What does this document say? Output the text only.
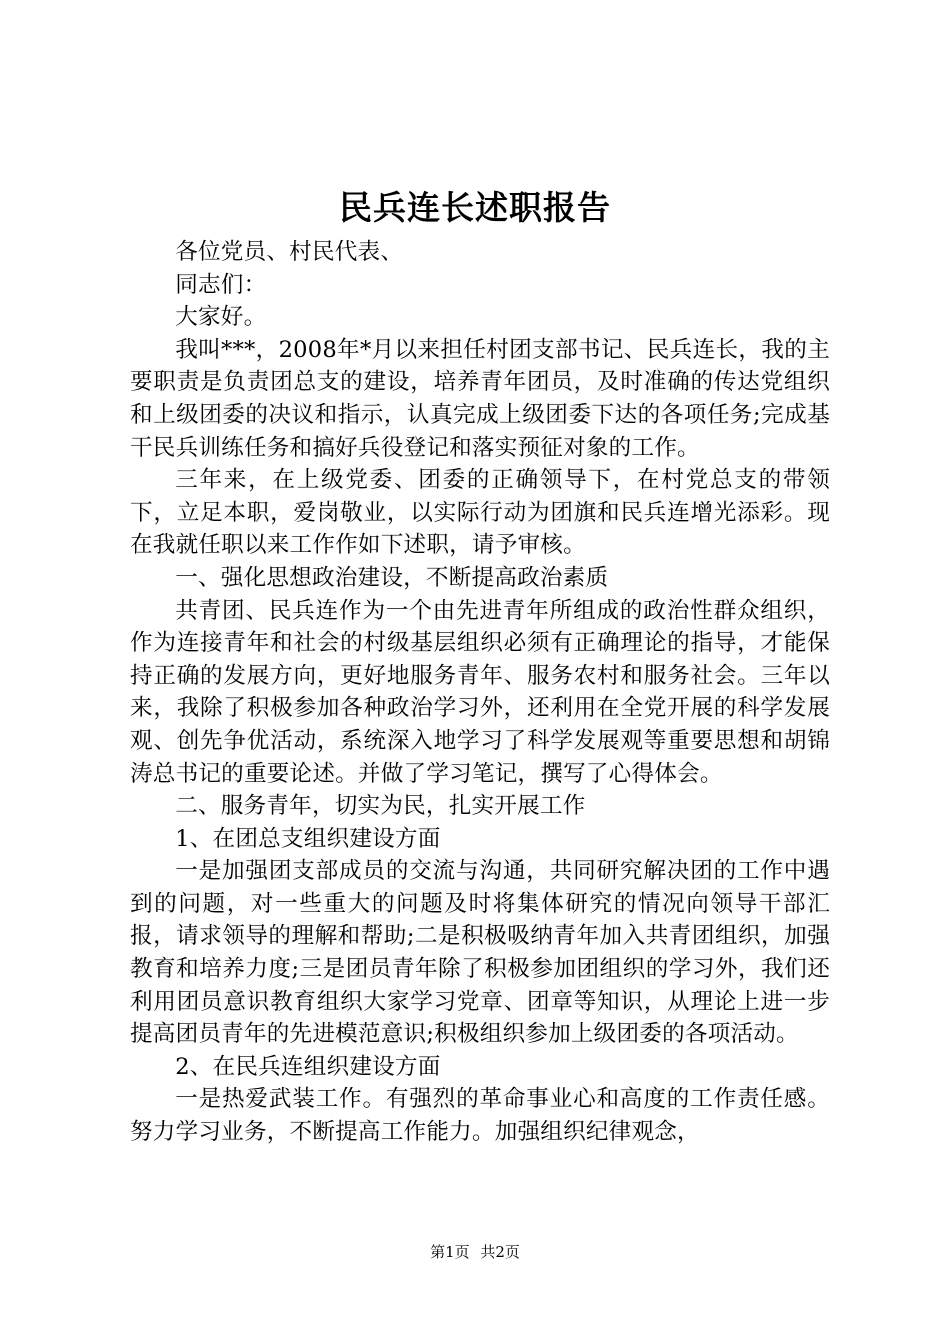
民兵连长述职报告

各位党员、村民代表、

同志们：

大家好。

我叫***，2008年*月以来担任村团支部书记、民兵连长，我的主要职责是负责团总支的建设，培养青年团员，及时准确的传达党组织和上级团委的决议和指示，认真完成上级团委下达的各项任务;完成基干民兵训练任务和搞好兵役登记和落实预征对象的工作。

三年来，在上级党委、团委的正确领导下，在村党总支的带领下，立足本职，爱岗敬业，以实际行动为团旗和民兵连增光添彩。现在我就任职以来工作作如下述职，请予审核。

一、强化思想政治建设，不断提高政治素质

共青团、民兵连作为一个由先进青年所组成的政治性群众组织，作为连接青年和社会的村级基层组织必须有正确理论的指导，才能保持正确的发展方向，更好地服务青年、服务农村和服务社会。三年以来，我除了积极参加各种政治学习外，还利用在全党开展的科学发展观、创先争优活动，系统深入地学习了科学发展观等重要思想和胡锦涛总书记的重要论述。并做了学习笔记，撰写了心得体会。

二、服务青年，切实为民，扎实开展工作

1、在团总支组织建设方面

一是加强团支部成员的交流与沟通，共同研究解决团的工作中遇到的问题，对一些重大的问题及时将集体研究的情况向领导干部汇报，请求领导的理解和帮助;二是积极吸纳青年加入共青团组织，加强教育和培养力度;三是团员青年除了积极参加团组织的学习外，我们还利用团员意识教育组织大家学习党章、团章等知识，从理论上进一步提高团员青年的先进模范意识;积极组织参加上级团委的各项活动。

2、在民兵连组织建设方面

一是热爱武装工作。有强烈的革命事业心和高度的工作责任感。努力学习业务，不断提高工作能力。加强组织纪律观念，

第1页 共2页
